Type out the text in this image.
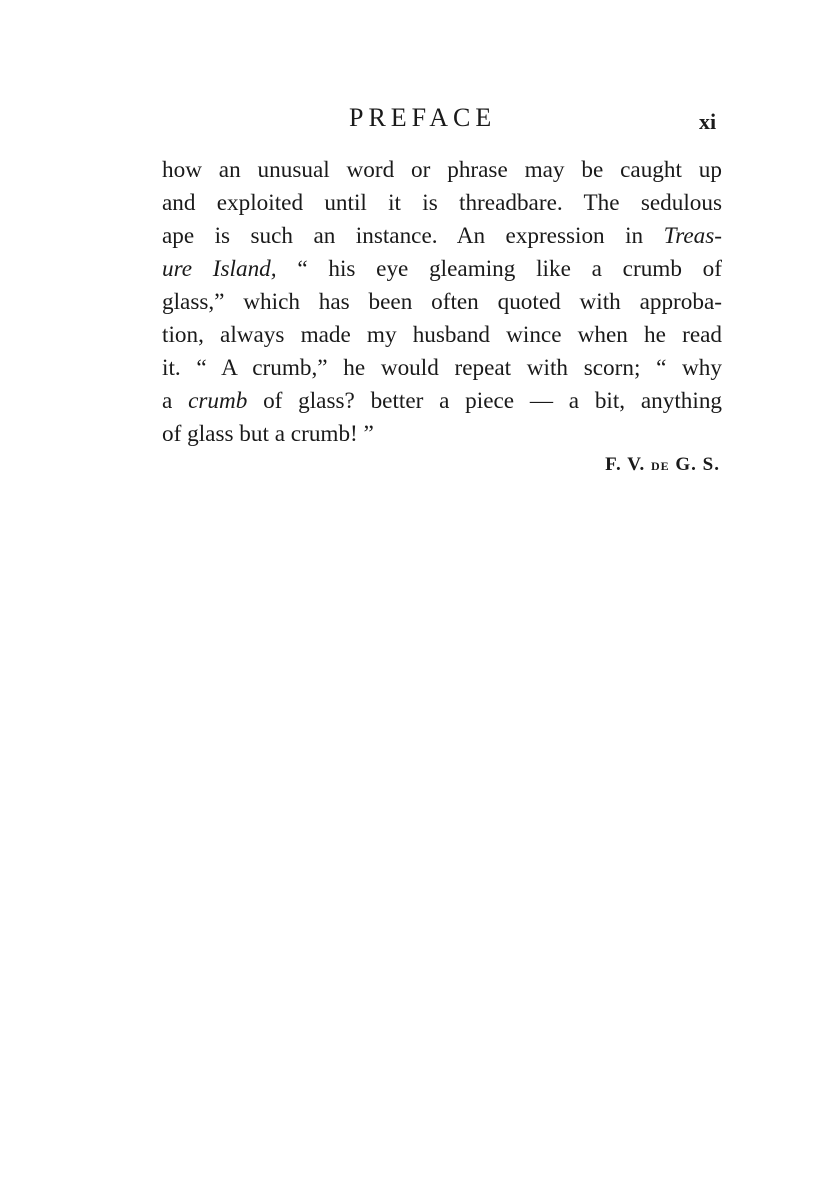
PREFACE	xi
how an unusual word or phrase may be caught up
and exploited until it is threadbare. The sedulous
ape is such an instance. An expression in Treas-
ure Island, “ his eye gleaming like a crumb of
glass,” which has been often quoted with approba-
tion, always made my husband wince when he read
it. “ A crumb,” he would repeat with scorn; “ why
a crumb of glass? better a piece — a bit, anything
of glass but a crumb! ”
F. V. DE G. S.
